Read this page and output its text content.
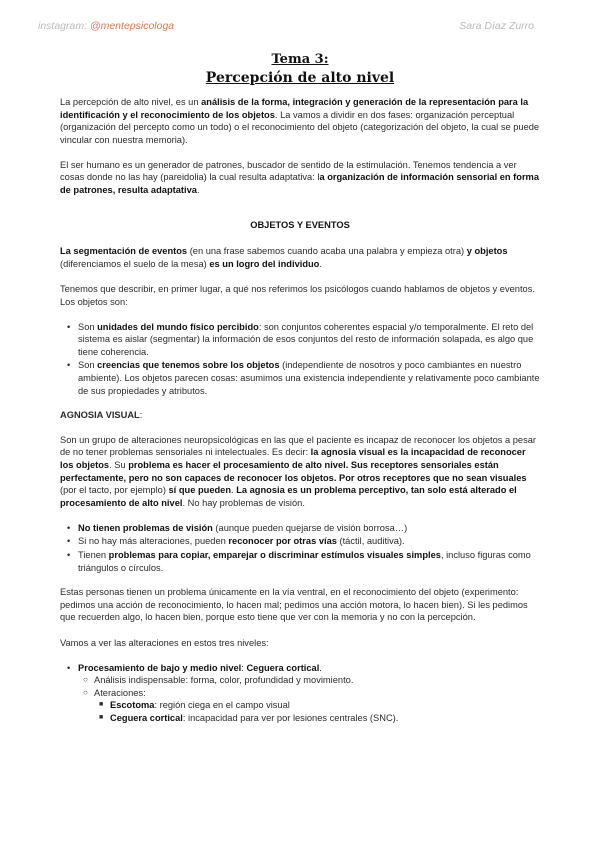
instagram: @mentepsicologa	Sara Díaz Zurro
Tema 3:
Percepción de alto nivel

La percepción de alto nivel, es un análisis de la forma, integración y generación de la representación para la identificación y el reconocimiento de los objetos. La vamos a dividir en dos fases: organización perceptual (organización del percepto como un todo) o el reconocimiento del objeto (categorización del objeto, la cual se puede vincular con nuestra memoria).

El ser humano es un generador de patrones, buscador de sentido de la estimulación. Tenemos tendencia a ver cosas donde no las hay (pareidolia) la cual resulta adaptativa: la organización de información sensorial en forma de patrones, resulta adaptativa.

OBJETOS Y EVENTOS

La segmentación de eventos (en una frase sabemos cuando acaba una palabra y empieza otra) y objetos (diferenciamos el suelo de la mesa) es un logro del individuo.

Tenemos que describir, en primer lugar, a qué nos referimos los psicólogos cuando hablamos de objetos y eventos. Los objetos son:

• Son unidades del mundo físico percibido: son conjuntos coherentes espacial y/o temporalmente. El reto del sistema es aislar (segmentar) la información de esos conjuntos del resto de información solapada, es algo que tiene coherencia.
• Son creencias que tenemos sobre los objetos (independiente de nosotros y poco cambiantes en nuestro ambiente). Los objetos parecen cosas: asumimos una existencia independiente y relativamente poco cambiante de sus propiedades y atributos.
AGNOSIA VISUAL:

Son un grupo de alteraciones neuropsicológicas en las que el paciente es incapaz de reconocer los objetos a pesar de no tener problemas sensoriales ni intelectuales. Es decir: la agnosia visual es la incapacidad de reconocer los objetos. Su problema es hacer el procesamiento de alto nivel. Sus receptores sensoriales están perfectamente, pero no son capaces de reconocer los objetos. Por otros receptores que no sean visuales (por el tacto, por ejemplo) sí que pueden. La agnosia es un problema perceptivo, tan solo está alterado el procesamiento de alto nivel. No hay problemas de visión.

• No tienen problemas de visión (aunque pueden quejarse de visión borrosa…)
• Si no hay más alteraciones, pueden reconocer por otras vías (táctil, auditiva).
• Tienen problemas para copiar, emparejar o discriminar estímulos visuales simples, incluso figuras como triángulos o círculos.

Estas personas tienen un problema únicamente en la vía ventral, en el reconocimiento del objeto (experimento: pedimos una acción de reconocimiento, lo hacen mal; pedimos una acción motora, lo hacen bien). Si les pedimos que recuerden algo, lo hacen bien, porque esto tiene que ver con la memoria y no con la percepción.

Vamos a ver las alteraciones en estos tres niveles:

• Procesamiento de bajo y medio nivel: Ceguera cortical.
○ Análisis indispensable: forma, color, profundidad y movimiento.
○ Ateraciones:
■ Escotoma: región ciega en el campo visual
■ Ceguera cortical: incapacidad para ver por lesiones centrales (SNC).
